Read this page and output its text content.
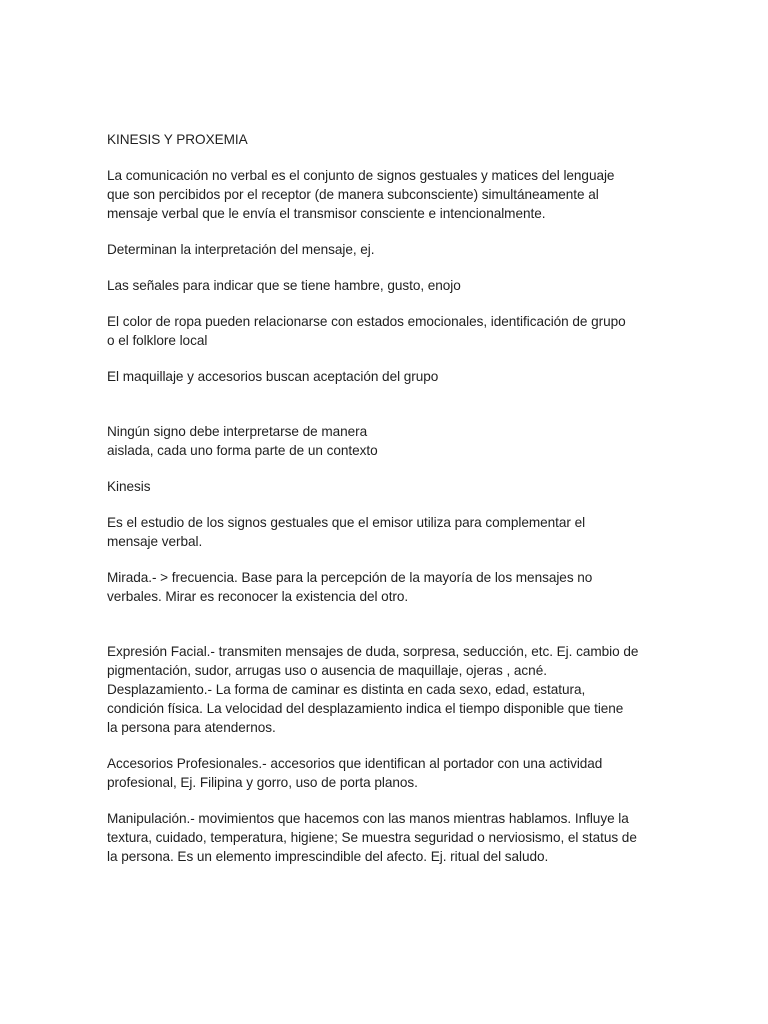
KINESIS Y PROXEMIA

La comunicación no verbal es el conjunto de signos gestuales y matices del lenguaje
que son percibidos por el receptor (de manera subconsciente) simultáneamente al
mensaje verbal que le envía el transmisor consciente e intencionalmente.

Determinan la interpretación del mensaje, ej.

Las señales para indicar que se tiene hambre, gusto, enojo

El color de ropa pueden relacionarse con estados emocionales, identificación de grupo
o el folklore local

El maquillaje y accesorios buscan aceptación del grupo

Ningún signo debe interpretarse de manera
aislada, cada uno forma parte de un contexto

Kinesis

Es el estudio de los signos gestuales que el emisor utiliza para complementar el
mensaje verbal.

Mirada.- > frecuencia. Base para la percepción de la mayoría de los mensajes no
verbales. Mirar es reconocer la existencia del otro.

Expresión Facial.- transmiten mensajes de duda, sorpresa, seducción, etc. Ej. cambio de
pigmentación, sudor, arrugas uso o ausencia de maquillaje, ojeras , acné.
Desplazamiento.- La forma de caminar es distinta en cada sexo, edad, estatura,
condición física. La velocidad del desplazamiento indica el tiempo disponible que tiene
la persona para atendernos.

Accesorios Profesionales.- accesorios que identifican al portador con una actividad
profesional, Ej. Filipina y gorro, uso de porta planos.

Manipulación.- movimientos que hacemos con las manos mientras hablamos. Influye la
textura, cuidado, temperatura, higiene; Se muestra seguridad o nerviosismo, el status de
la persona. Es un elemento imprescindible del afecto. Ej. ritual del saludo.
